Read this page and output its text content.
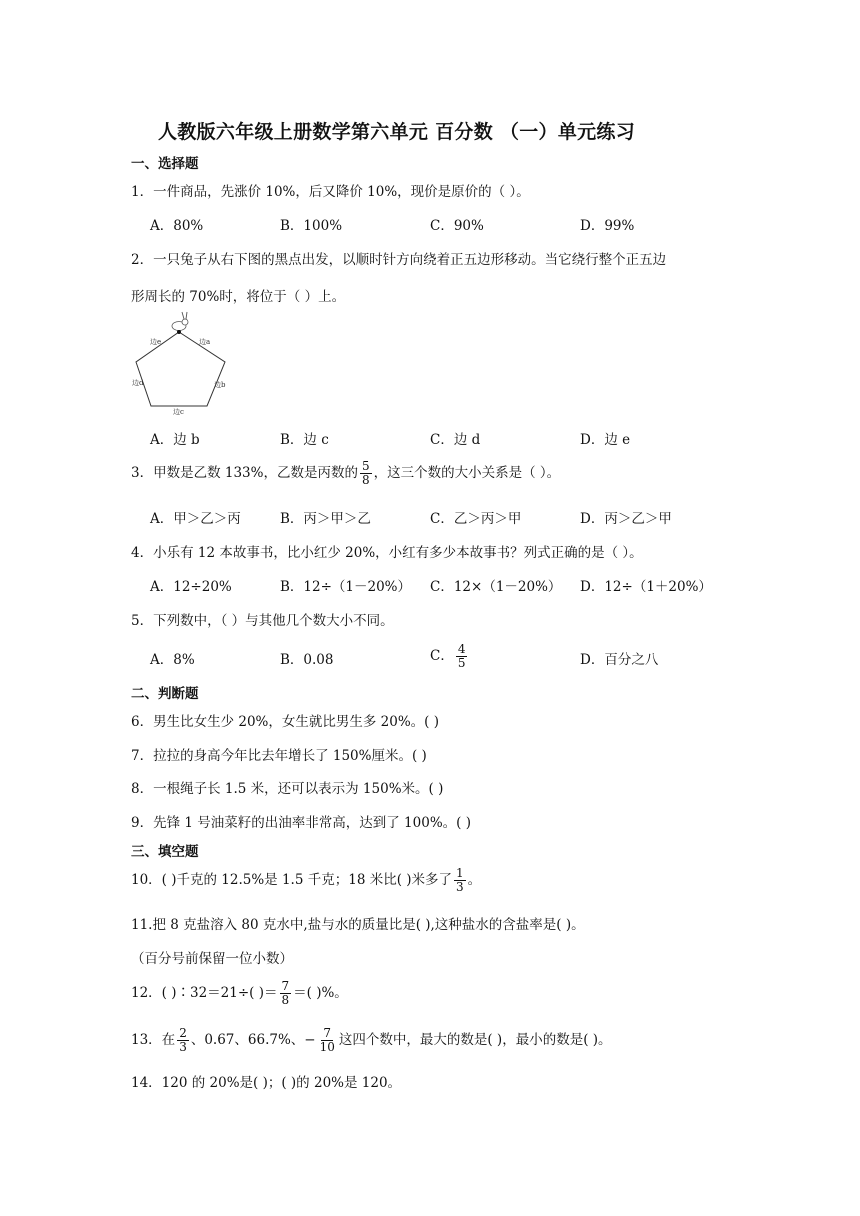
人教版六年级上册数学第六单元 百分数 （一）单元练习
一、选择题
1．一件商品，先涨价 10%，后又降价 10%，现价是原价的（ ）。
A．80%	B．100%	C．90%	D．99%
2．一只兔子从右下图的黑点出发，以顺时针方向绕着正五边形移动。当它绕行整个正五边
形周长的 70%时，将位于（ ）上。
边a
边e
边b
边d
边c
A．边 b	B．边 c	C．边 d	D．边 e
3．甲数是乙数 133%，乙数是丙数的 $\frac{5}{8}$ ，这三个数的大小关系是（ ）。
A．甲＞乙＞丙	B．丙＞甲＞乙	C．乙＞丙＞甲	D．丙＞乙＞甲
4．小乐有 12 本故事书，比小红少 20%，小红有多少本故事书？列式正确的是（ ）。
A．12÷20%	B．12÷（1－20%） C．12×（1－20%） D．12÷（1＋20%）
5．下列数中，（ ）与其他几个数大小不同。
A．8%	B．0.08	C． $\frac{4}{5}$	D．百分之八
二、判断题
6．男生比女生少 20%，女生就比男生多 20%。( )
7．拉拉的身高今年比去年增长了 150%厘米。( )
8．一根绳子长 1.5 米，还可以表示为 150%米。( )
9．先锋 1 号油菜籽的出油率非常高，达到了 100%。( )
三、填空题
10．( )千克的 12.5%是 1.5 千克；18 米比( )米多了 $\frac{1}{3}$ 。
11.把 8 克盐溶入 80 克水中,盐与水的质量比是( ),这种盐水的含盐率是( )。
（百分号前保留一位小数）
12．( )∶32＝21÷( )＝ $\frac{7}{8}$ ＝( )%。
13．在 $\frac{2}{3}$ 、0.67、66.7%、− $\frac{7}{10}$ 这四个数中，最大的数是( )，最小的数是( )。
14．120 的 20%是( )；( )的 20%是 120。
